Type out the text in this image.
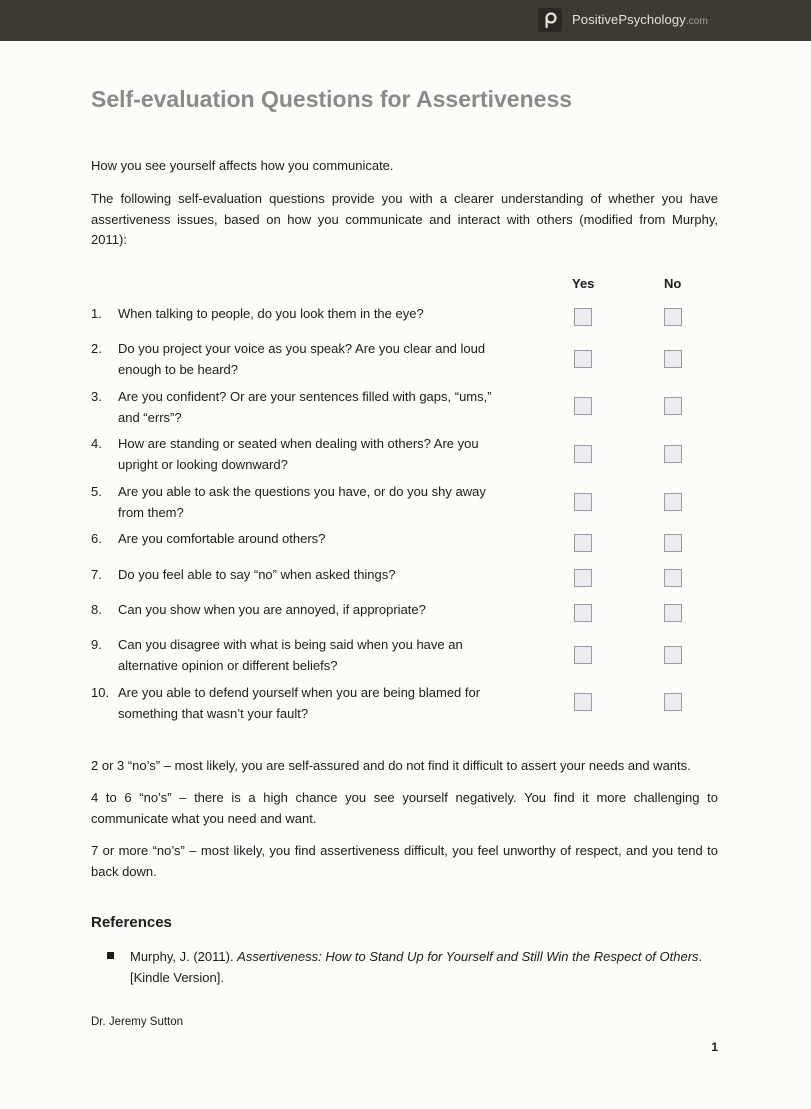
PositivePsychology.com
Self-evaluation Questions for Assertiveness

How you see yourself affects how you communicate.

The following self-evaluation questions provide you with a clearer understanding of whether you have assertiveness issues, based on how you communicate and interact with others (modified from Murphy, 2011):

Yes	No
1. When talking to people, do you look them in the eye?
2. Do you project your voice as you speak? Are you clear and loud enough to be heard?
3. Are you confident? Or are your sentences filled with gaps, “ums,” and “errs”?
4. How are standing or seated when dealing with others? Are you upright or looking downward?
5. Are you able to ask the questions you have, or do you shy away from them?
6. Are you comfortable around others?
7. Do you feel able to say “no” when asked things?
8. Can you show when you are annoyed, if appropriate?
9. Can you disagree with what is being said when you have an alternative opinion or different beliefs?
10. Are you able to defend yourself when you are being blamed for something that wasn’t your fault?

2 or 3 “no’s” – most likely, you are self-assured and do not find it difficult to assert your needs and wants.

4 to 6 “no’s” – there is a high chance you see yourself negatively. You find it more challenging to communicate what you need and want.

7 or more “no’s” – most likely, you find assertiveness difficult, you feel unworthy of respect, and you tend to back down.

References
Murphy, J. (2011). Assertiveness: How to Stand Up for Yourself and Still Win the Respect of Others. [Kindle Version].
Dr. Jeremy Sutton
1
